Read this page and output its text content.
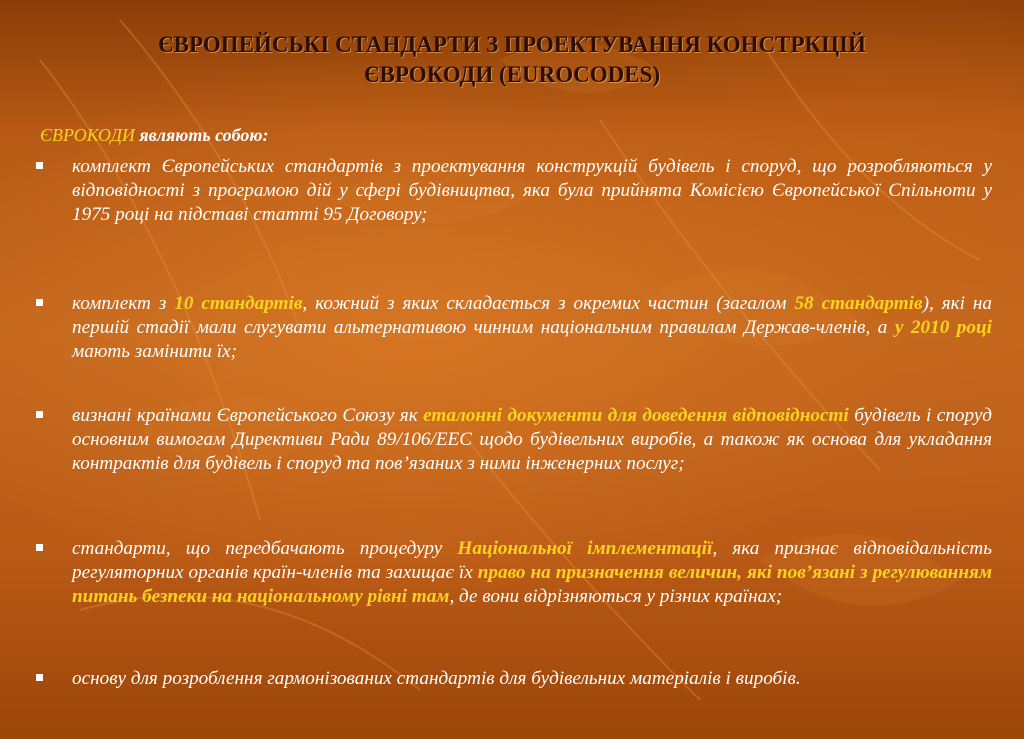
ЄВРОПЕЙСЬКІ СТАНДАРТИ З ПРОЕКТУВАННЯ КОНСТРКЦІЙ
ЄВРОКОДИ (EUROCODES)
ЄВРОКОДИ являють собою:
комплект Європейських стандартів з проектування конструкцій будівель і споруд, що розробляються у відповідності з програмою дій у сфері будівництва, яка була прийнята Комісією Європейської Спільноти у 1975 році на підставі статті 95 Договору;
комплект з 10 стандартів, кожний з яких складається з окремих частин (загалом 58 стандартів), які на першій стадії мали слугувати альтернативою чинним національним правилам Держав-членів, а у 2010 році мають замінити їх;
визнані країнами Європейського Союзу як еталонні документи для доведення відповідності будівель і споруд основним вимогам Директиви Ради 89/106/ЕЕС щодо будівельних виробів, а також як основа для укладання контрактів для будівель і споруд та пов’язаних з ними інженерних послуг;
стандарти, що передбачають процедуру Національної імплементації, яка признає відповідальність регуляторних органів країн-членів та захищає їх право на призначення величин, які пов’язані з регулюванням питань безпеки на національному рівні там, де вони відрізняються у різних країнах;
основу для розроблення гармонізованих стандартів для будівельних матеріалів і виробів.
